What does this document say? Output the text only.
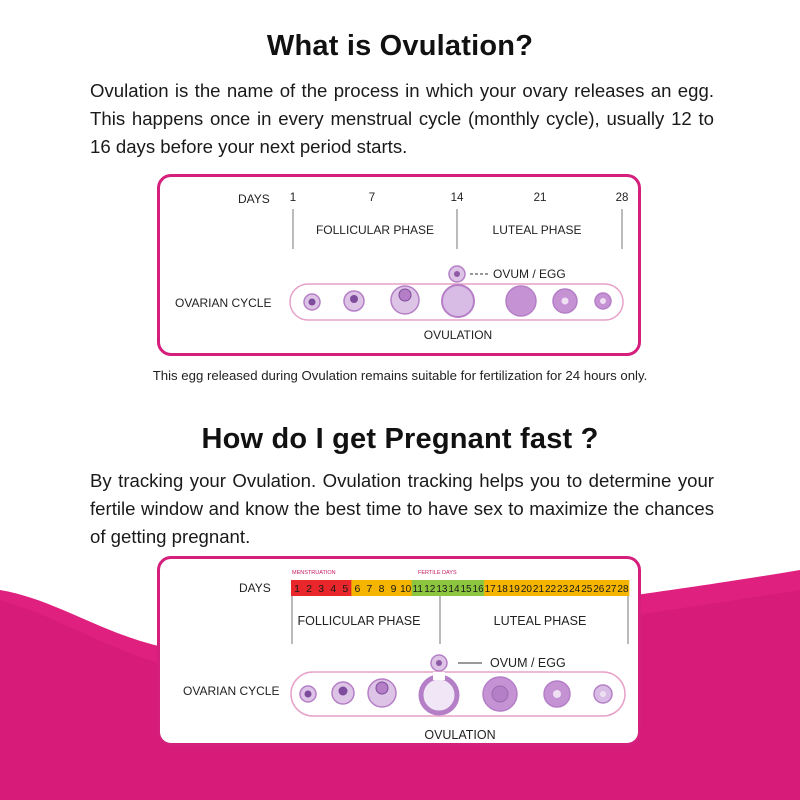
What is Ovulation?
Ovulation is the name of the process in which your ovary releases an egg. This happens once in every menstrual cycle (monthly cycle), usually 12 to 16 days before your next period starts.
DAYS 1	7	14	21	28
FOLLICULAR PHASE	LUTEAL PHASE
OVUM / EGG
OVARIAN CYCLE
OVULATION
This egg released during Ovulation remains suitable for fertilization for 24 hours only.
How do I get Pregnant fast ?
By tracking your Ovulation. Ovulation tracking helps you to determine your fertile window and know the best time to have sex to maximize the chances of getting pregnant.
MENSTRUATION	FERTILE DAYS
DAYS 1 2 3 4 5 6 7 8 9 10 11 12 13 14 15 16 17 18 19 20 21 22 23 24 25 26 27 28
FOLLICULAR PHASE	LUTEAL PHASE
OVUM / EGG
OVARIAN CYCLE
OVULATION
